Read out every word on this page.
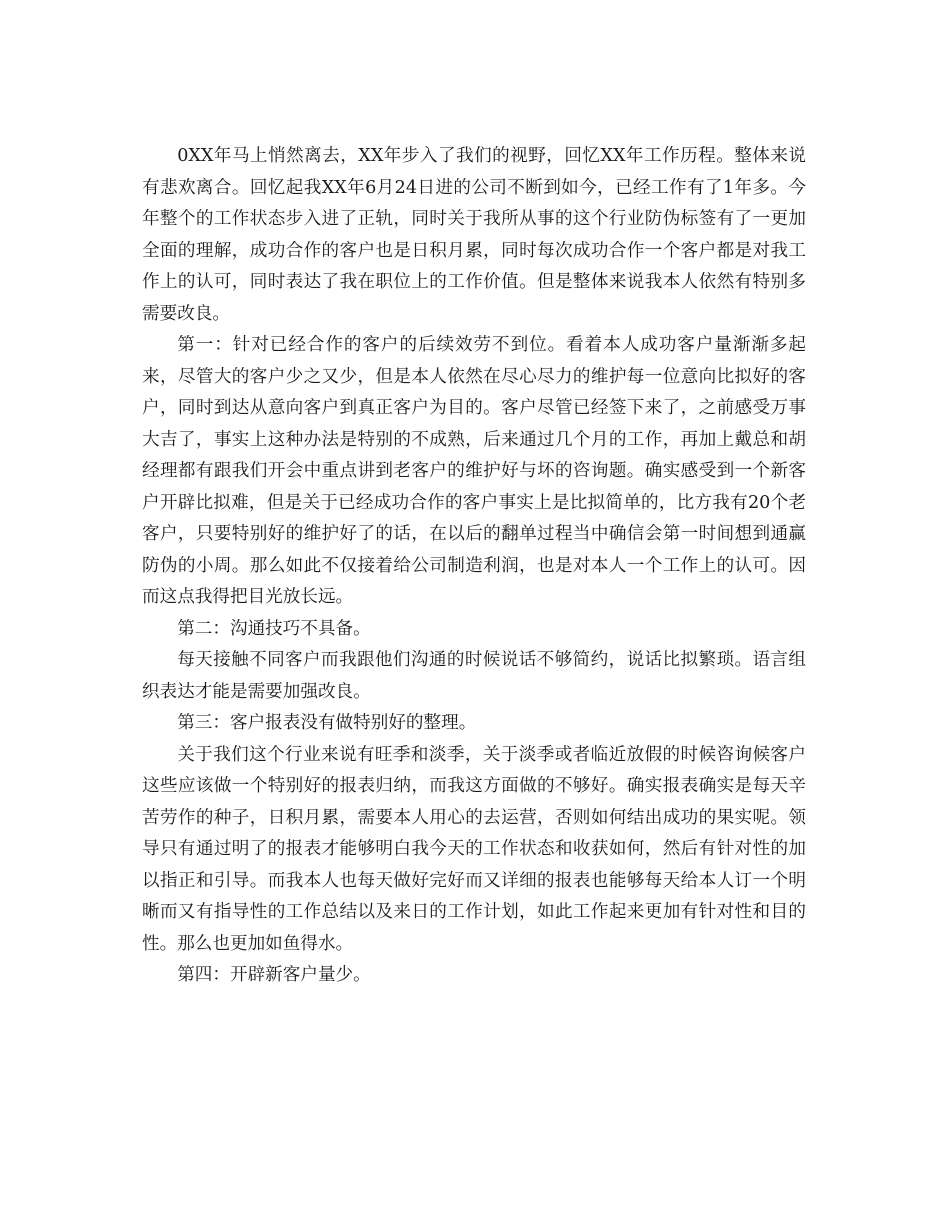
0XX年马上悄然离去，XX年步入了我们的视野，回忆XX年工作历程。整体来说有悲欢离合。回忆起我XX年6月24日进的公司不断到如今，已经工作有了1年多。今年整个的工作状态步入进了正轨，同时关于我所从事的这个行业防伪标签有了一更加全面的理解，成功合作的客户也是日积月累，同时每次成功合作一个客户都是对我工作上的认可，同时表达了我在职位上的工作价值。但是整体来说我本人依然有特别多需要改良。

第一：针对已经合作的客户的后续效劳不到位。看着本人成功客户量渐渐多起来，尽管大的客户少之又少，但是本人依然在尽心尽力的维护每一位意向比拟好的客户，同时到达从意向客户到真正客户为目的。客户尽管已经签下来了，之前感受万事大吉了，事实上这种办法是特别的不成熟，后来通过几个月的工作，再加上戴总和胡经理都有跟我们开会中重点讲到老客户的维护好与坏的咨询题。确实感受到一个新客户开辟比拟难，但是关于已经成功合作的客户事实上是比拟简单的，比方我有20个老客户，只要特别好的维护好了的话，在以后的翻单过程当中确信会第一时间想到通赢防伪的小周。那么如此不仅接着给公司制造利润，也是对本人一个工作上的认可。因而这点我得把目光放长远。

第二：沟通技巧不具备。

每天接触不同客户而我跟他们沟通的时候说话不够简约，说话比拟繁琐。语言组织表达才能是需要加强改良。

第三：客户报表没有做特别好的整理。

关于我们这个行业来说有旺季和淡季，关于淡季或者临近放假的时候咨询候客户这些应该做一个特别好的报表归纳，而我这方面做的不够好。确实报表确实是每天辛苦劳作的种子，日积月累，需要本人用心的去运营，否则如何结出成功的果实呢。领导只有通过明了的报表才能够明白我今天的工作状态和收获如何，然后有针对性的加以指正和引导。而我本人也每天做好完好而又详细的报表也能够每天给本人订一个明晰而又有指导性的工作总结以及来日的工作计划，如此工作起来更加有针对性和目的性。那么也更加如鱼得水。

第四：开辟新客户量少。
